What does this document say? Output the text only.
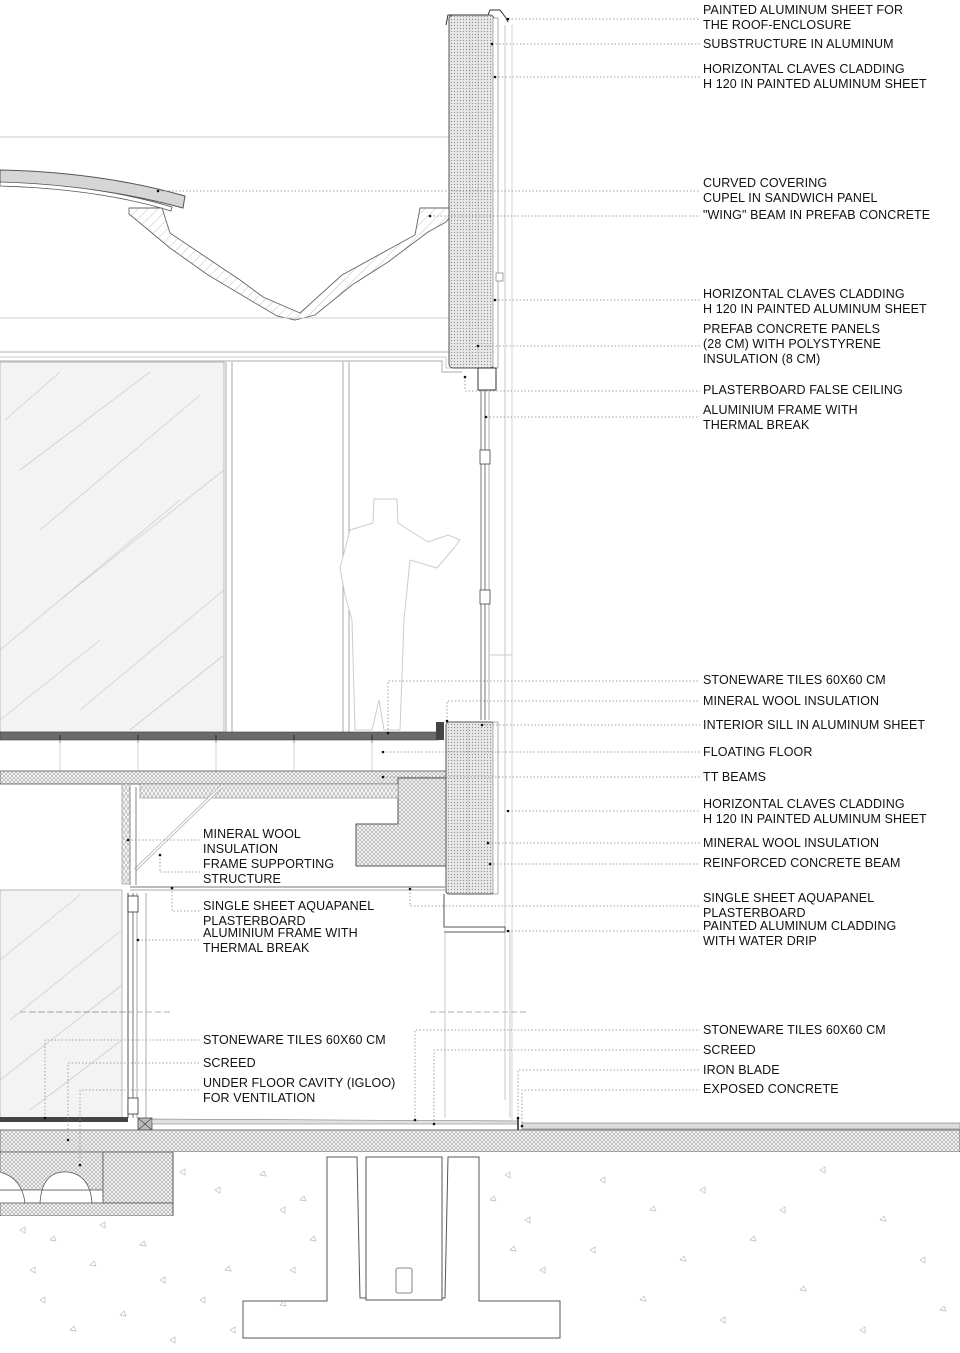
PAINTED ALUMINUM SHEET FOR
THE ROOF-ENCLOSURE
SUBSTRUCTURE IN ALUMINUM
HORIZONTAL CLAVES CLADDING
H 120 IN PAINTED ALUMINUM SHEET
CURVED COVERING
CUPEL IN SANDWICH PANEL
"WING" BEAM IN PREFAB CONCRETE
HORIZONTAL CLAVES CLADDING
H 120 IN PAINTED ALUMINUM SHEET
PREFAB CONCRETE PANELS
(28 CM) WITH POLYSTYRENE
INSULATION (8 CM)
PLASTERBOARD FALSE CEILING
ALUMINIUM FRAME WITH
THERMAL BREAK
STONEWARE TILES 60X60 CM
MINERAL WOOL INSULATION
INTERIOR SILL IN ALUMINUM SHEET
FLOATING FLOOR
TT BEAMS
HORIZONTAL CLAVES CLADDING
H 120 IN PAINTED ALUMINUM SHEET
MINERAL WOOL INSULATION
REINFORCED CONCRETE BEAM
SINGLE SHEET AQUAPANEL
PLASTERBOARD
PAINTED ALUMINUM CLADDING
WITH WATER DRIP
STONEWARE TILES 60X60 CM
SCREED
IRON BLADE
EXPOSED CONCRETE
MINERAL WOOL
INSULATION
FRAME SUPPORTING
STRUCTURE
SINGLE SHEET AQUAPANEL
PLASTERBOARD
ALUMINIUM FRAME WITH
THERMAL BREAK
STONEWARE TILES 60X60 CM
SCREED
UNDER FLOOR CAVITY (IGLOO)
FOR VENTILATION
